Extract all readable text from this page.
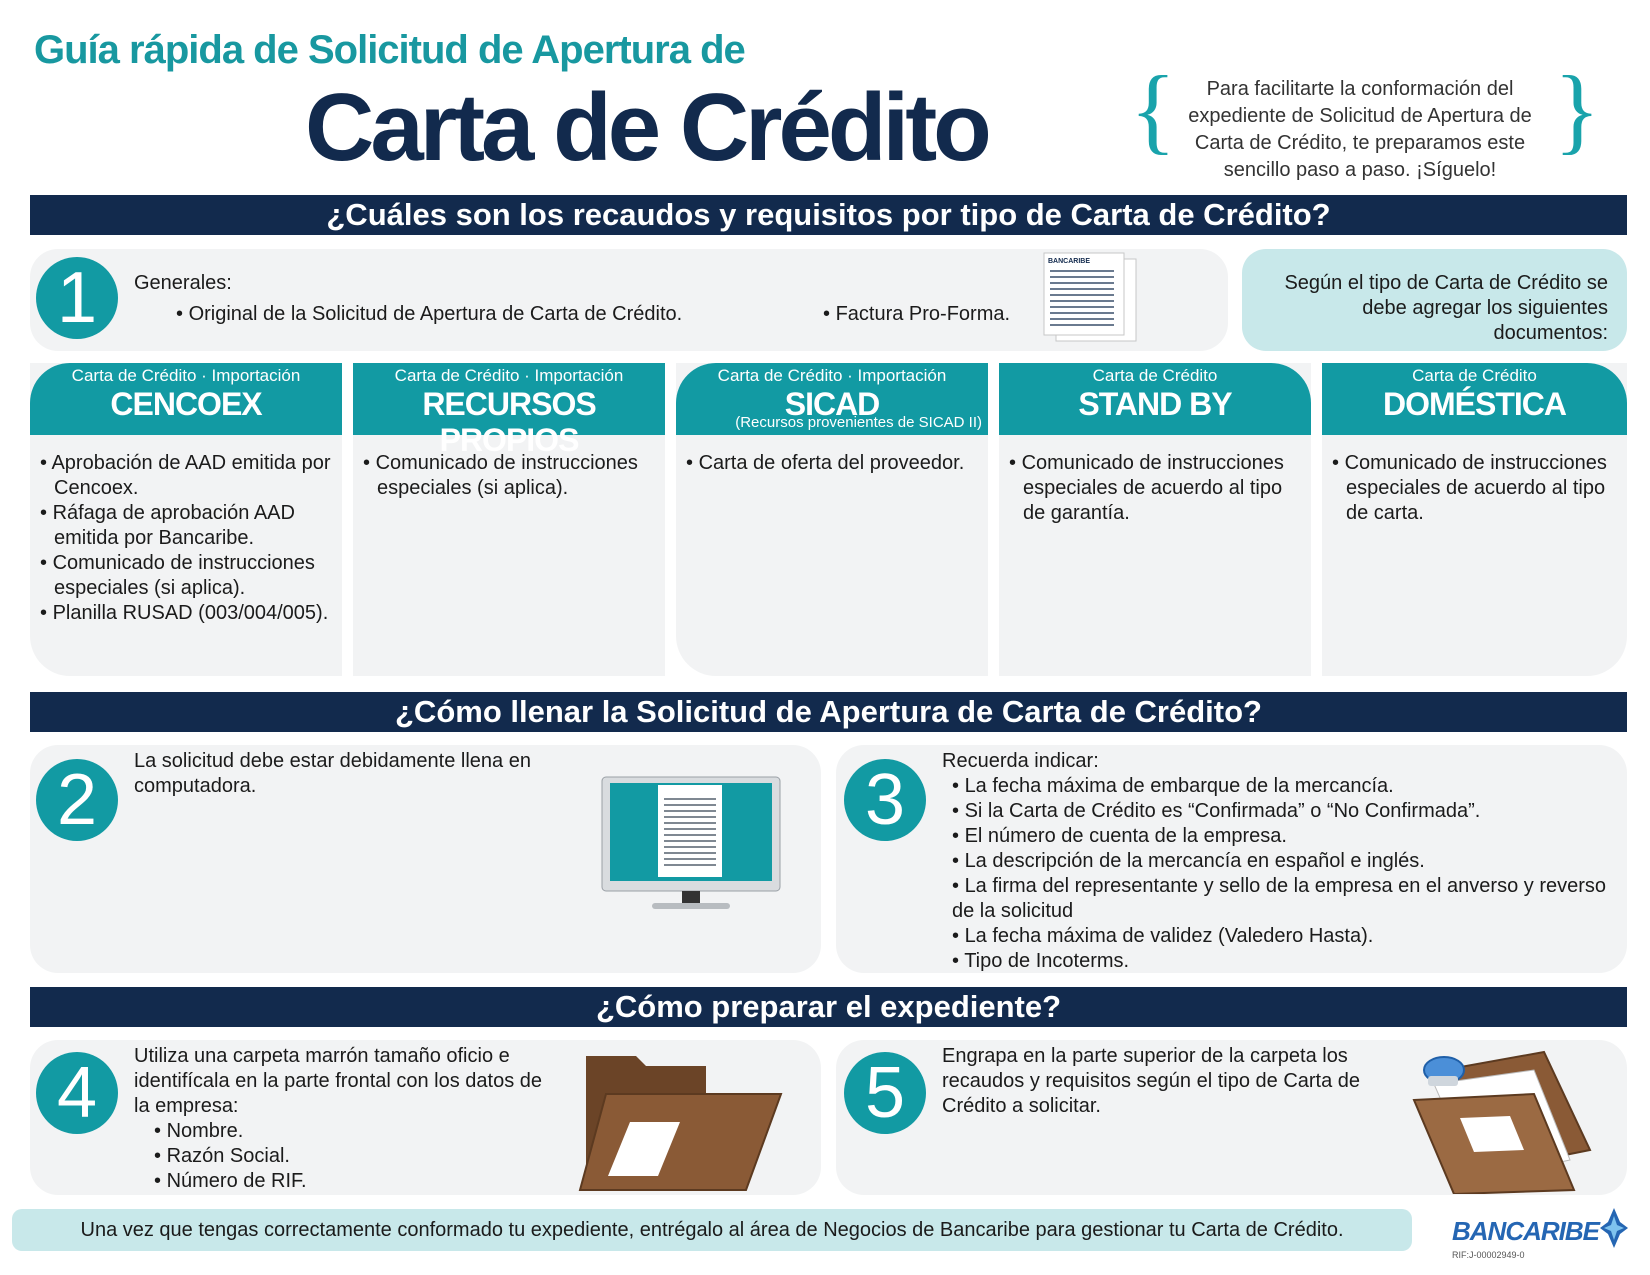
Guía rápida de Solicitud de Apertura de
Carta de Crédito {	Para facilitarte la conformación del expediente de Solicitud de Apertura de Carta de Crédito, te preparamos este sencillo paso a paso. ¡Síguelo!
}
¿Cuáles son los recaudos y requisitos por tipo de Carta de Crédito?
1	Generales:
• Original de la Solicitud de Apertura de Carta de Crédito.	• Factura Pro-Forma.
BANCARIBE
Según el tipo de Carta de Crédito se debe agregar los siguientes documentos:
Carta de Crédito · Importación
CENCOEX
• Aprobación de AAD emitida por Cencoex.
• Ráfaga de aprobación AAD emitida por Bancaribe.
• Comunicado de instrucciones especiales (si aplica).
• Planilla RUSAD (003/004/005).
Carta de Crédito · Importación
RECURSOS PROPIOS
• Comunicado de instrucciones especiales (si aplica).
Carta de Crédito · Importación
SICAD
(Recursos provenientes de SICAD II)
• Carta de oferta del proveedor.
Carta de Crédito
STAND BY
• Comunicado de instrucciones especiales de acuerdo al tipo de garantía.
Carta de Crédito
DOMÉSTICA
• Comunicado de instrucciones especiales de acuerdo al tipo de carta.
¿Cómo llenar la Solicitud de Apertura de Carta de Crédito?
2	La solicitud debe estar debidamente llena en computadora.	3	Recuerda indicar:
• La fecha máxima de embarque de la mercancía.
• Si la Carta de Crédito es “Confirmada” o “No Confirmada”.
• El número de cuenta de la empresa.
• La descripción de la mercancía en español e inglés.
• La firma del representante y sello de la empresa en el anverso y reverso de la solicitud
• La fecha máxima de validez (Valedero Hasta).
• Tipo de Incoterms.
¿Cómo preparar el expediente?
4	Utiliza una carpeta marrón tamaño oficio e identifícala en la parte frontal con los datos de la empresa:
• Nombre.
• Razón Social.
• Número de RIF.
5	Engrapa en la parte superior de la carpeta los recaudos y requisitos según el tipo de Carta de Crédito a solicitar.
Una vez que tengas correctamente conformado tu expediente, entrégalo al área de Negocios de Bancaribe para gestionar tu Carta de Crédito.	BANCARIBE
RIF:J-00002949-0
